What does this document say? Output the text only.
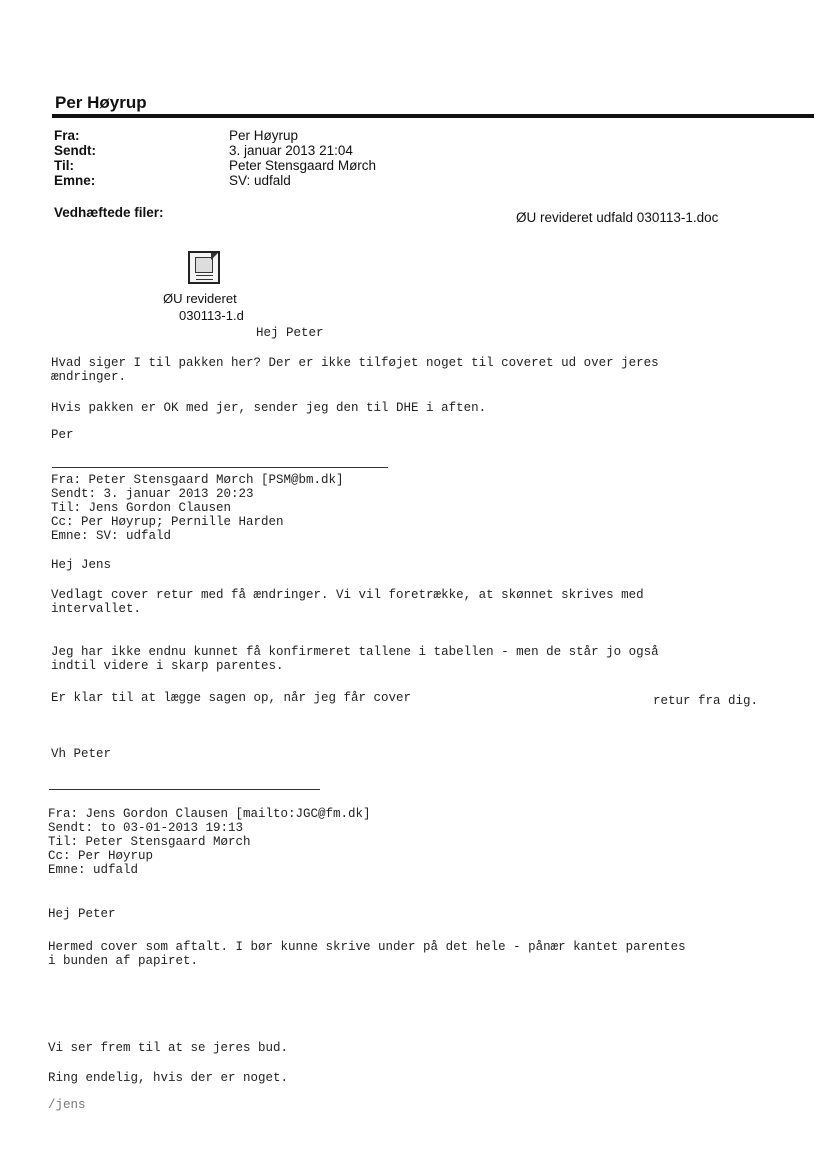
Per Høyrup
Fra:
Sendt:
Til:
Emne:
Per Høyrup
3. januar 2013 21:04
Peter Stensgaard Mørch
SV: udfald
Vedhæftede filer:	ØU revideret udfald 030113-1.doc
ØU revideret
030113-1.d
Hej Peter
Hvad siger I til pakken her? Der er ikke tilføjet noget til coveret ud over jeres
ændringer.
Hvis pakken er OK med jer, sender jeg den til DHE i aften.
Per
Fra: Peter Stensgaard Mørch [PSM@bm.dk]
Sendt: 3. januar 2013 20:23
Til: Jens Gordon Clausen
Cc: Per Høyrup; Pernille Harden
Emne: SV: udfald
Hej Jens
Vedlagt cover retur med få ændringer. Vi vil foretrække, at skønnet skrives med
intervallet.
Jeg har ikke endnu kunnet få konfirmeret tallene i tabellen - men de står jo også
indtil videre i skarp parentes.
Er klar til at lægge sagen op, når jeg får cover	retur fra dig.
Vh Peter
Fra: Jens Gordon Clausen [mailto:JGC@fm.dk]
Sendt: to 03-01-2013 19:13
Til: Peter Stensgaard Mørch
Cc: Per Høyrup
Emne: udfald
Hej Peter
Hermed cover som aftalt. I bør kunne skrive under på det hele - pånær kantet parentes
i bunden af papiret.
Vi ser frem til at se jeres bud.
Ring endelig, hvis der er noget.
/jens
